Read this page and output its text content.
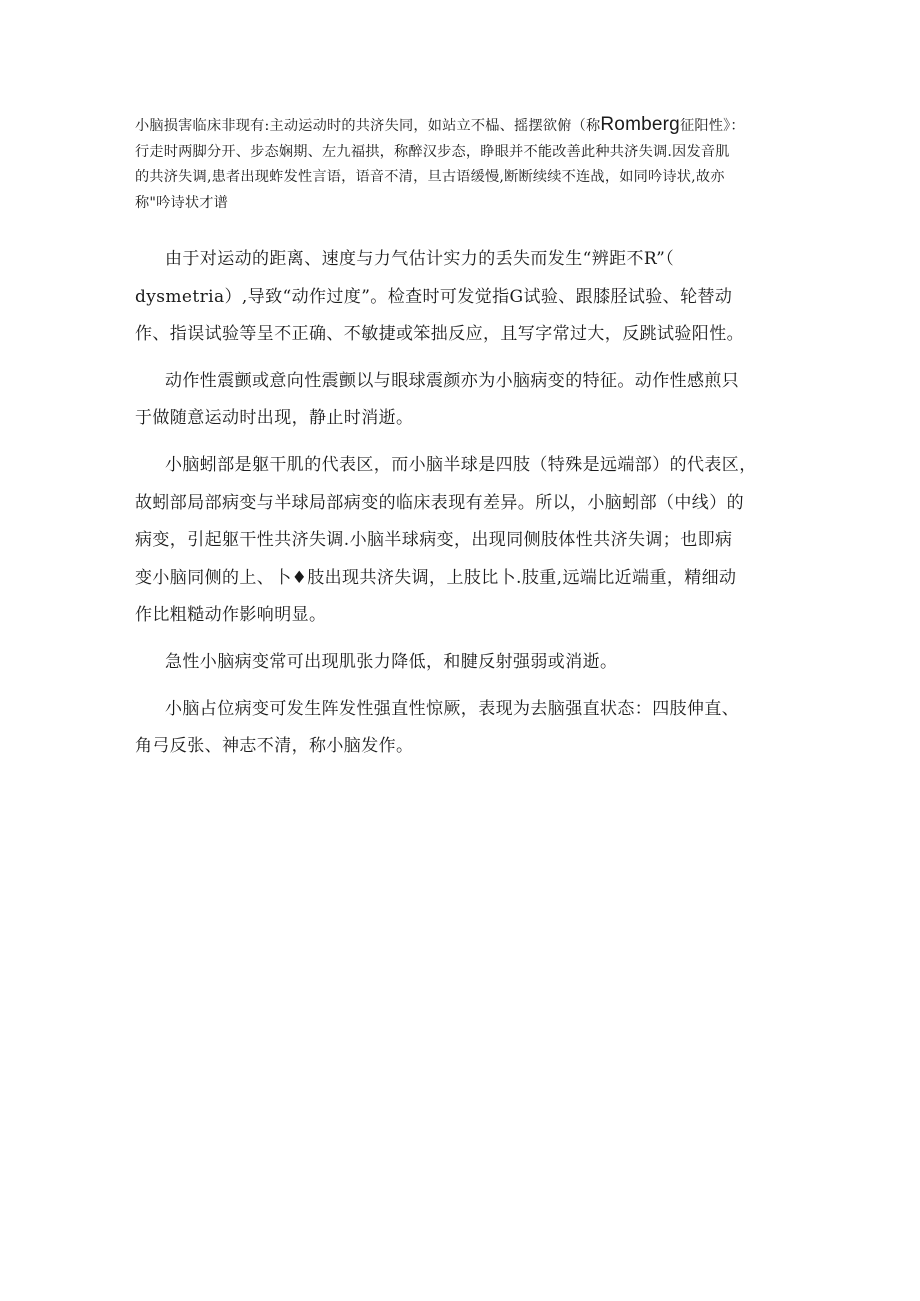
小脑损害临床非现有:主动运动时的共济失同，如站立不榀、摇摆欲俯（称Romberg征阳性》：
行走时两脚分开、步态娴期、左九福拱，称醉汉步态，睁眼并不能改善此种共济失调.因发音肌
的共济失调,患者出现蚱发性言语，语音不清，旦古语缓慢,断断续续不连战，如同吟诗状,故亦
称"吟诗状才谱

由于对运动的距离、速度与力气估计实力的丢失而发生“辨距不R”（
dysmetria）,导致“动作过度”。检查时可发觉指G试验、跟膝胫试验、轮替动
作、指误试验等呈不正确、不敏捷或笨拙反应，且写字常过大，反跳试验阳性。

动作性震颤或意向性震颤以与眼球震颜亦为小脑病变的特征。动作性感煎只
于做随意运动时出现，静止时消逝。

小脑蚓部是躯干肌的代表区，而小脑半球是四肢（特殊是远端部）的代表区，
故蚓部局部病变与半球局部病变的临床表现有差异。所以，小脑蚓部（中线）的
病变，引起躯干性共济失调.小脑半球病变，出现同侧肢体性共济失调；也即病
变小脑同侧的上、卜♦肢出现共济失调，上肢比卜.肢重,远端比近端重，精细动
作比粗糙动作影响明显。

急性小脑病变常可出现肌张力降低，和腱反射强弱或消逝。

小脑占位病变可发生阵发性强直性惊厥，表现为去脑强直状态：四肢伸直、
角弓反张、神志不清，称小脑发作。
